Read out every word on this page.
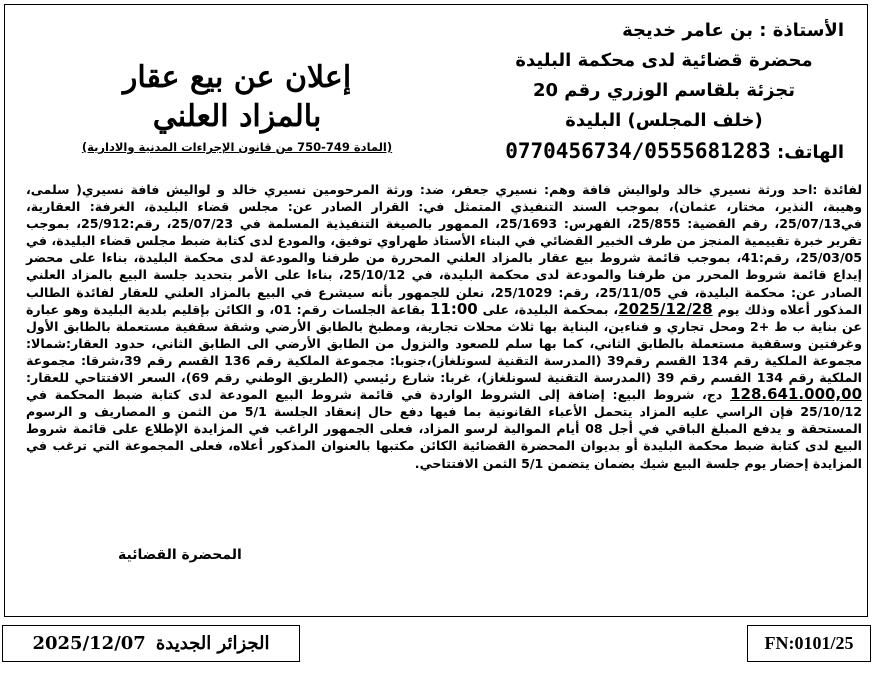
الأستاذة : بن عامر خديجة
محضرة قضائية لدى محكمة البليدة
تجزئة بلقاسم الوزري رقم 20
(خلف المجلس) البليدة
الهاتف: 0770456734/0555681283
إعلان عن بيع عقار
بالمزاد العلني
(المادة 749-750 من قانون الإجراءات المدنية والادارية)
لفائدة :احد ورثة نسيري خالد ولواليش فافة وهم: نسيري جعفر، ضد: ورثة المرحومين نسيري خالد و لواليش فافة نسيري( سلمى، وهيبة، النذير، مختار، عثمان)، بموجب السند التنفيذي المتمثل في: القرار الصادر عن: مجلس قضاء البليدة، الغرفة: العقارية، في25/07/13، رقم القضية: 25/855، الفهرس: 25/1693، الممهور بالصيغة التنفيذية المسلمة في 25/07/23، رقم:25/912، بموجب تقرير خبرة تقييمية المنجز من طرف الخبير القضائي في البناء الأستاذ طهراوي توفيق، والمودع لدى كتابة ضبط مجلس قضاء البليدة، في 25/03/05، رقم:41، بموجب قائمة شروط بيع عقار بالمزاد العلني المحررة من طرفنا والمودعة لدى محكمة البليدة، بناءا على محضر إيداع قائمة شروط المحرر من طرفنا والمودعة لدى محكمة البليدة، في 25/10/12، بناءا على الأمر بتحديد جلسة البيع بالمزاد العلني الصادر عن: محكمة البليدة، في 25/11/05، رقم: 25/1029، نعلن للجمهور بأنه سيشرع في البيع بالمزاد العلني للعقار لفائدة الطالب المذكور أعلاه وذلك يوم 2025/12/28، بمحكمة البليدة، على 11:00 بقاعة الجلسات رقم: 01، و الكائن بإقليم بلدية البليدة وهو عبارة عن بناية ب ط +2 ومحل تجاري و فناءين، البناية بها ثلاث محلات تجارية، ومطبخ بالطابق الأرضي وشقة سقفية مستعملة بالطابق الأول وغرفتين وسقفية مستعملة بالطابق الثاني، كما بها سلم للصعود والنزول من الطابق الأرضي الى الطابق الثاني، حدود العقار:شمالا: مجموعة الملكية رقم 134 القسم رقم39 (المدرسة التقنية لسونلغاز)،جنوبا: مجموعة الملكية رقم 136 القسم رقم 39،شرقا: مجموعة الملكية رقم 134 القسم رقم 39 (المدرسة التقنية لسونلغاز)، غربا: شارع رئيسي (الطريق الوطني رقم 69)، السعر الافتتاحي للعقار: 128.641.000,00 دج، شروط البيع: إضافة إلى الشروط الواردة في قائمة شروط البيع المودعة لدى كتابة ضبط المحكمة في 25/10/12 فإن الراسي عليه المزاد يتحمل الأعباء القانونية بما فيها دفع حال إنعقاد الجلسة 5/1 من الثمن و المصاريف و الرسوم المستحقة و يدفع المبلغ الباقي في أجل 08 أيام الموالية لرسو المزاد، فعلى الجمهور الراغب في المزايدة الإطلاع على قائمة شروط البيع لدى كتابة ضبط محكمة البليدة أو بديوان المحضرة القضائية الكائن مكتبها بالعنوان المذكور أعلاه، فعلى المجموعة التي ترغب في المزايدة إحضار يوم جلسة البيع شيك بضمان يتضمن 5/1 الثمن الافتتاحي.
المحضرة القضائية
الجزائر الجديدة
2025/12/07	FN:0101/25
